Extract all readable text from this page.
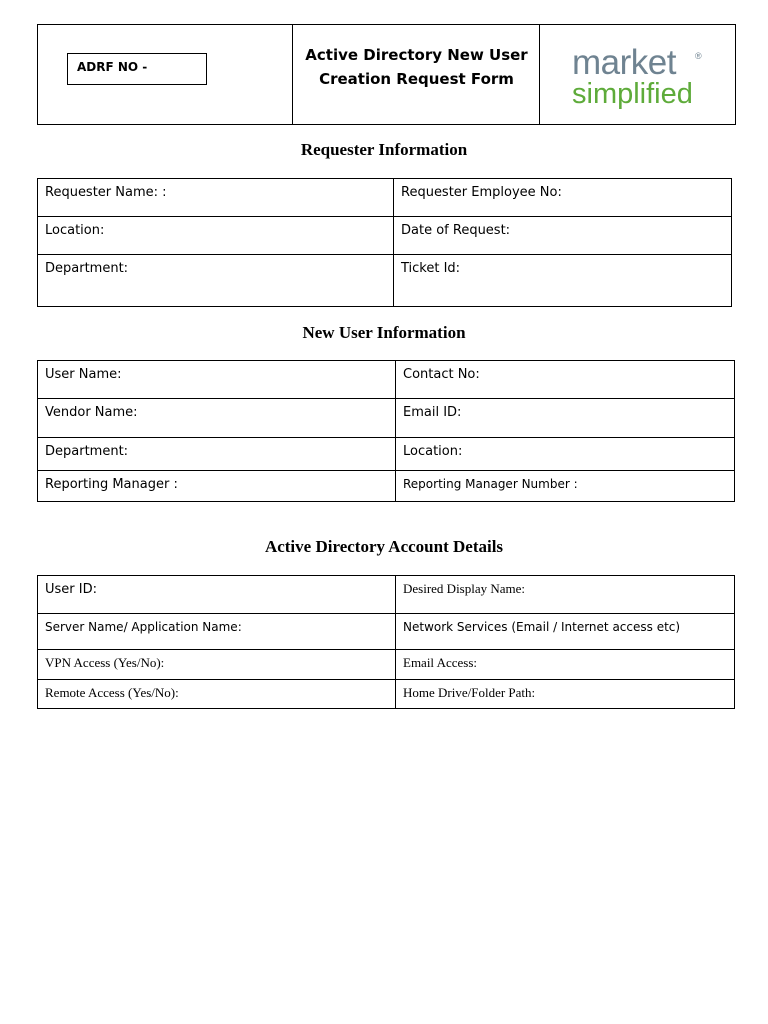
ADRF NO -
Active Directory New User
Creation Request Form	market ®
simplified
Requester Information
Requester Name: :	Requester Employee No:
Location:	Date of Request:
Department:	Ticket Id:
New User Information
User Name:	Contact No:
Vendor Name:	Email ID:
Department:	Location:
Reporting Manager :	Reporting Manager Number :
Active Directory Account Details
User ID:	Desired Display Name:
Server Name/ Application Name:	Network Services (Email / Internet access etc)
VPN Access (Yes/No):	Email Access:
Remote Access (Yes/No):	Home Drive/Folder Path:
